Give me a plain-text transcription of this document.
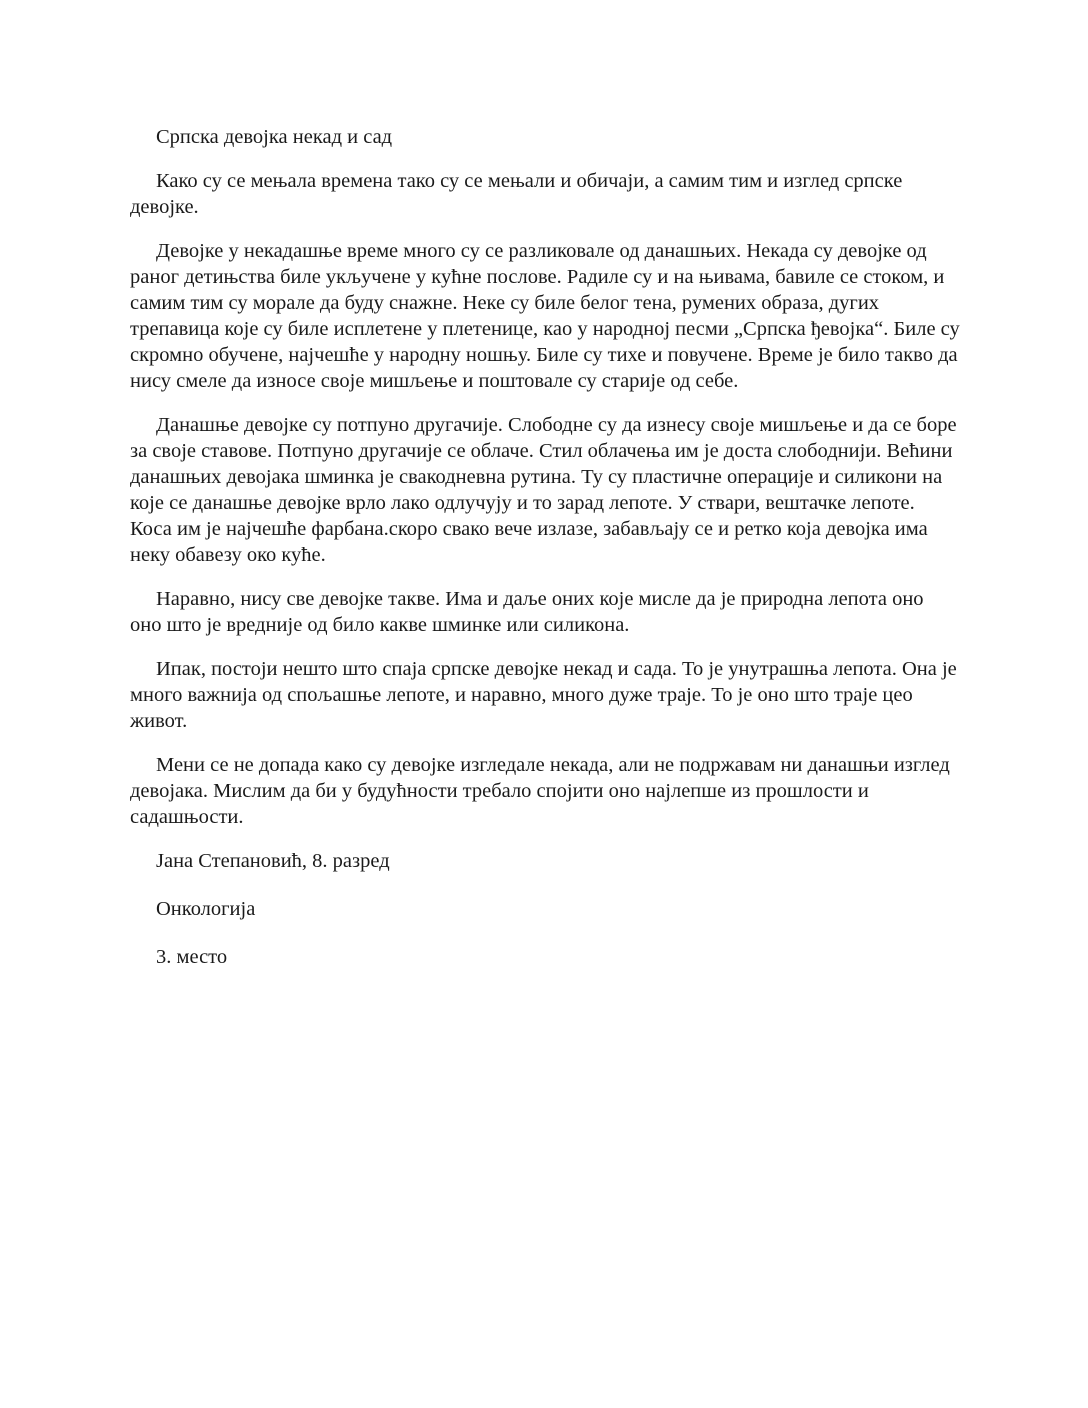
Српска девојка некад и сад

Како су се мењала времена тако су се мењали и обичаји, а самим тим и изглед српске девојке.

Девојке у некадашње време много су се разликовале од данашњих. Некада су девојке од раног детињства биле укључене у кућне послове. Радиле су и на њивама, бавиле се стоком, и самим тим су морале да буду снажне. Неке су биле белог тена, румених образа, дугих трепавица које су биле исплетене у плетенице, као у народној песми „Српска ђевојка“. Биле су скромно обучене, најчешће у народну ношњу. Биле су тихе и повучене. Време је било такво да нису смеле да износе своје мишљење и поштовале су старије од себе.

Данашње девојке су потпуно другачије. Слободне су да изнесу своје мишљење и да се боре за своје ставове. Потпуно другачије се облаче. Стил облачења им је доста слободнији. Већини данашњих девојака шминка је свакодневна рутина. Ту су пластичне операције и силикони на које се данашње девојке врло лако одлучују и то зарад лепоте. У ствари, вештачке лепоте. Коса им је најчешће фарбана.скоро свако вече излазе, забављају се и ретко која девојка има неку обавезу око куће.

Наравно, нису све девојке такве. Има и даље оних које мисле да је природна лепота оно оно што је вредније од било какве шминке или силикона.

Ипак, постоји нешто што спаја српске девојке некад и сада. То је унутрашња лепота. Она је много важнија од спољашње лепоте, и наравно, много дуже траје. То је оно што траје цео живот.

Мени се не допада како су девојке изгледале некада, али не подржавам ни данашњи изглед девојака. Мислим да би у будућности требало спојити оно најлепше из прошлости и садашњости.

Јана Степановић, 8. разред

Онкологија

3. место
